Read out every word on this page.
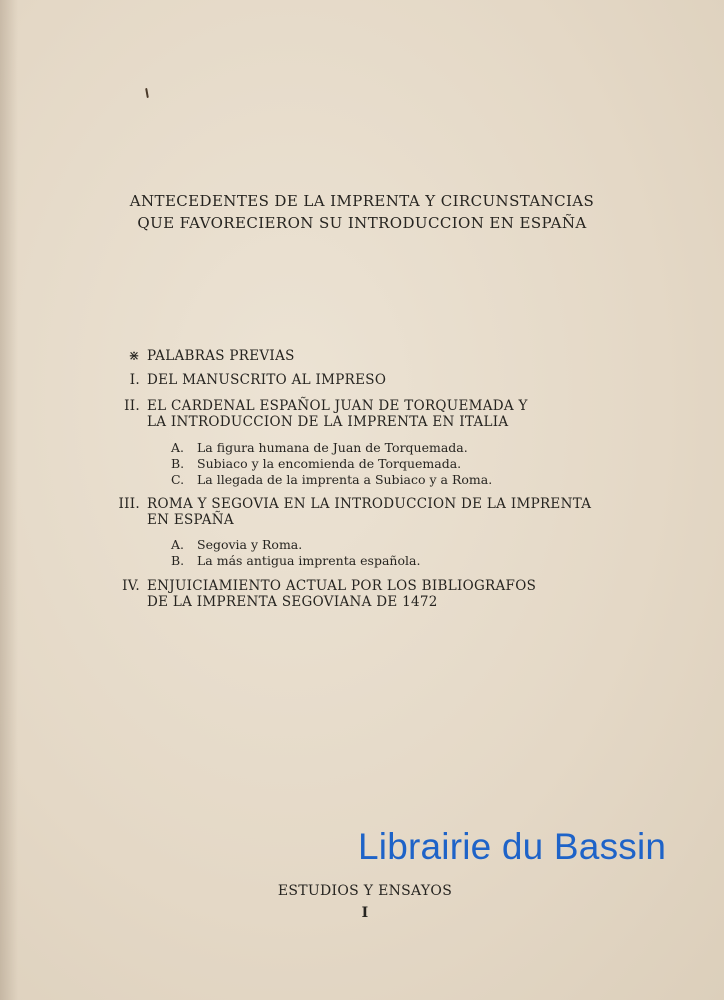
ANTECEDENTES DE LA IMPRENTA Y CIRCUNSTANCIAS
QUE FAVORECIERON SU INTRODUCCION EN ESPAÑA
⋇ PALABRAS PREVIAS
I. DEL MANUSCRITO AL IMPRESO
II. EL CARDENAL ESPAÑOL JUAN DE TORQUEMADA Y
LA INTRODUCCION DE LA IMPRENTA EN ITALIA
A. La figura humana de Juan de Torquemada.
B. Subiaco y la encomienda de Torquemada.
C. La llegada de la imprenta a Subiaco y a Roma.
III. ROMA Y SEGOVIA EN LA INTRODUCCION DE LA IMPRENTA
EN ESPAÑA
A. Segovia y Roma.
B. La más antigua imprenta española.
IV. ENJUICIAMIENTO ACTUAL POR LOS BIBLIOGRAFOS
DE LA IMPRENTA SEGOVIANA DE 1472
Librairie du Bassin
ESTUDIOS Y ENSAYOS
I
